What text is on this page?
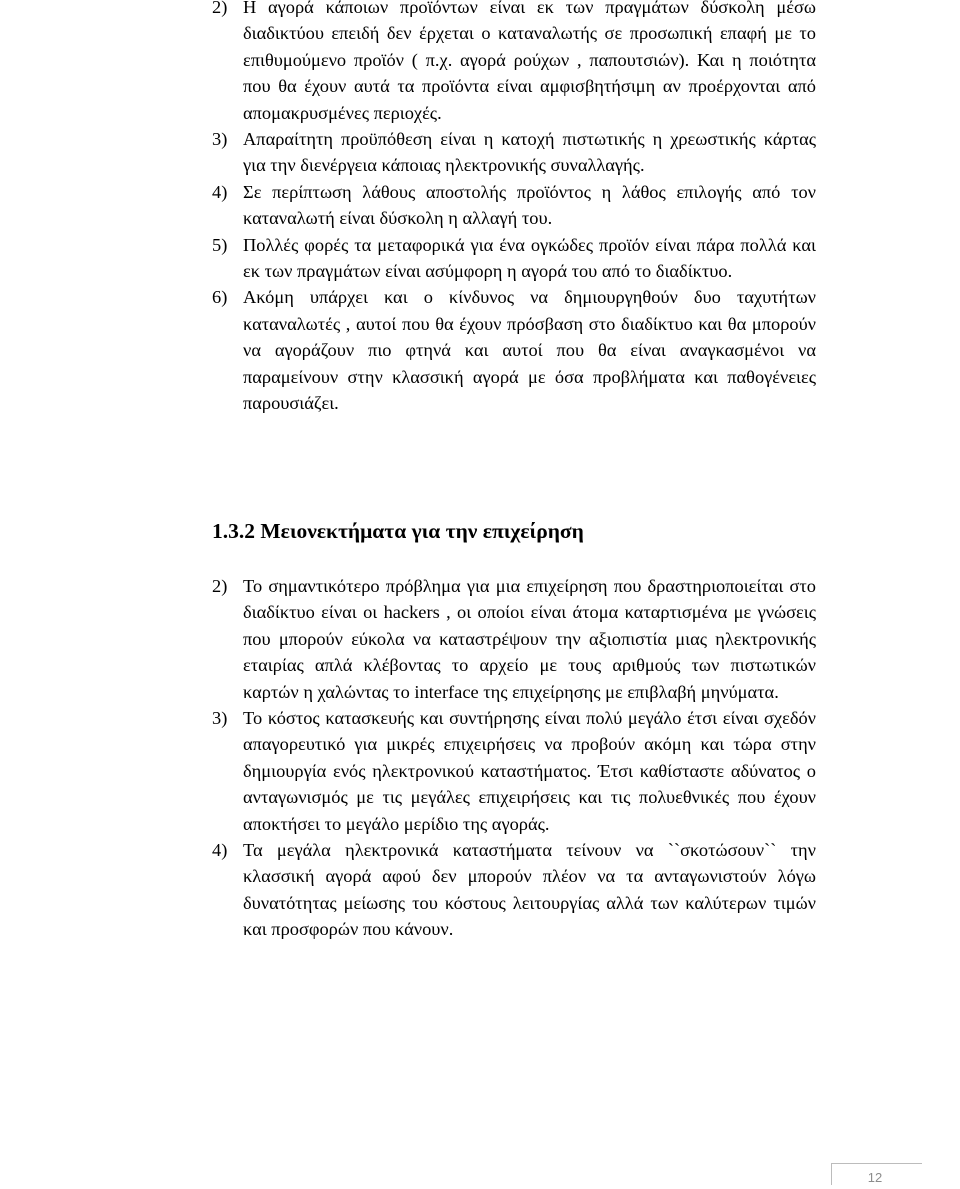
2) Η αγορά κάποιων προϊόντων είναι εκ των πραγμάτων δύσκολη μέσω διαδικτύου επειδή δεν έρχεται ο καταναλωτής σε προσωπική επαφή με το επιθυμούμενο προϊόν ( π.χ. αγορά ρούχων , παπουτσιών). Και η ποιότητα που θα έχουν αυτά τα προϊόντα είναι αμφισβητήσιμη αν προέρχονται από απομακρυσμένες περιοχές.
3) Απαραίτητη προϋπόθεση είναι η κατοχή πιστωτικής η χρεωστικής κάρτας για την διενέργεια κάποιας ηλεκτρονικής συναλλαγής.
4) Σε περίπτωση λάθους αποστολής προϊόντος η λάθος επιλογής από τον καταναλωτή είναι δύσκολη η αλλαγή του.
5) Πολλές φορές τα μεταφορικά για ένα ογκώδες προϊόν είναι πάρα πολλά και εκ των πραγμάτων είναι ασύμφορη η αγορά του από το διαδίκτυο.
6) Ακόμη υπάρχει και ο κίνδυνος να δημιουργηθούν δυο ταχυτήτων καταναλωτές , αυτοί που θα έχουν πρόσβαση στο διαδίκτυο και θα μπορούν να αγοράζουν πιο φτηνά και αυτοί που θα είναι αναγκασμένοι να παραμείνουν στην κλασσική αγορά με όσα προβλήματα και παθογένειες παρουσιάζει.
1.3.2 Μειονεκτήματα για την επιχείρηση
2) Το σημαντικότερο πρόβλημα για μια επιχείρηση που δραστηριοποιείται στο διαδίκτυο είναι οι hackers , οι οποίοι είναι άτομα καταρτισμένα με γνώσεις που μπορούν εύκολα να καταστρέψουν την αξιοπιστία μιας ηλεκτρονικής εταιρίας απλά κλέβοντας το αρχείο με τους αριθμούς των πιστωτικών καρτών η χαλώντας το interface της επιχείρησης με επιβλαβή μηνύματα.
3) Το κόστος κατασκευής και συντήρησης είναι πολύ μεγάλο έτσι είναι σχεδόν απαγορευτικό για μικρές επιχειρήσεις να προβούν ακόμη και τώρα στην δημιουργία ενός ηλεκτρονικού καταστήματος. Έτσι καθίσταστε αδύνατος ο ανταγωνισμός με τις μεγάλες επιχειρήσεις και τις πολυεθνικές που έχουν αποκτήσει το μεγάλο μερίδιο της αγοράς.
4) Τα μεγάλα ηλεκτρονικά καταστήματα τείνουν να ``σκοτώσουν`` την κλασσική αγορά αφού δεν μπορούν πλέον να τα ανταγωνιστούν λόγω δυνατότητας μείωσης του κόστους λειτουργίας αλλά των καλύτερων τιμών και προσφορών που κάνουν.
12
